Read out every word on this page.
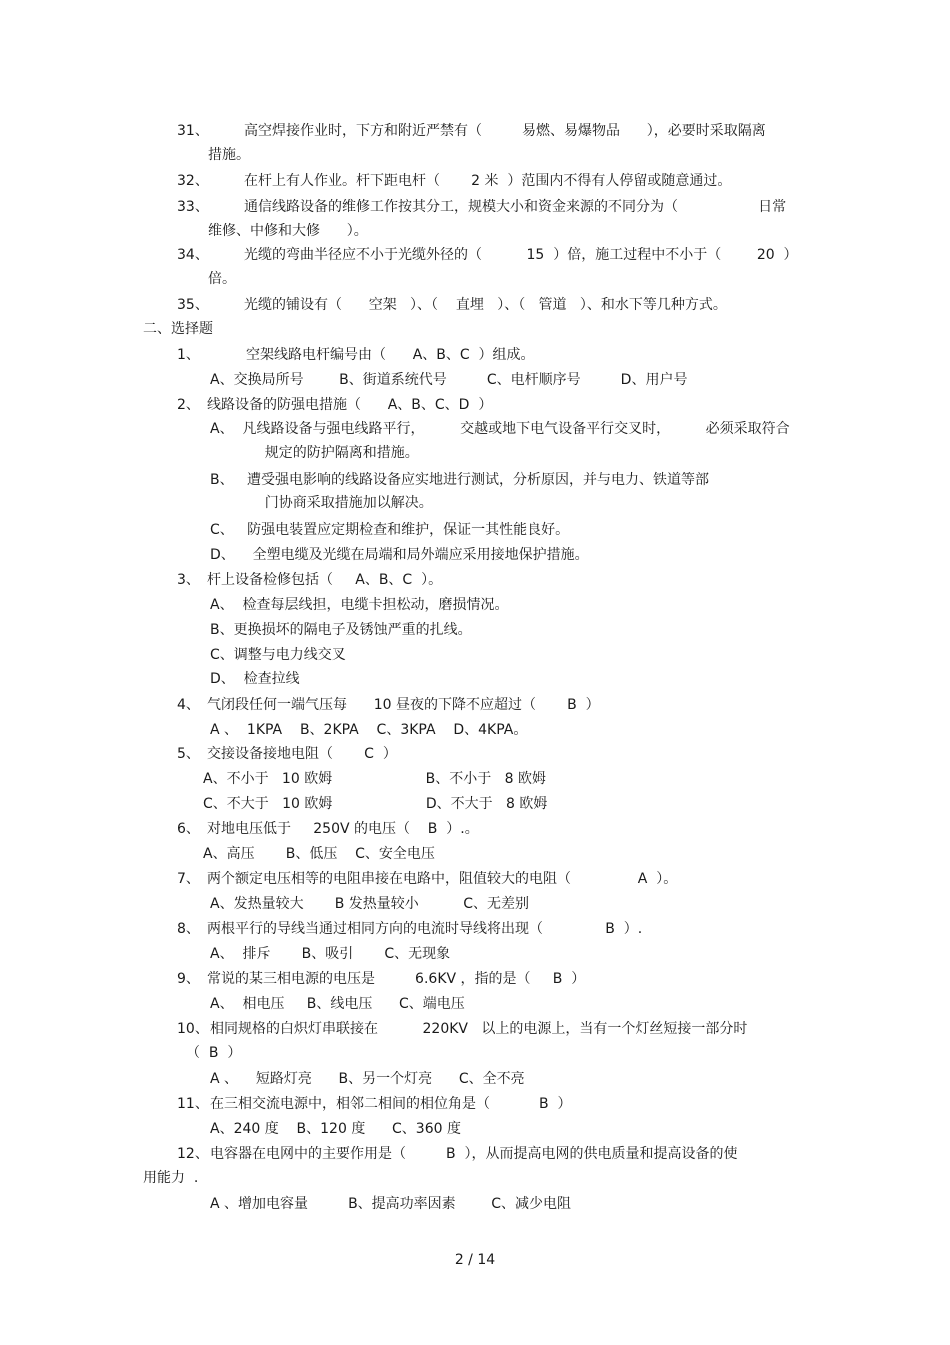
31、	高空焊接作业时，下方和附近严禁有（         易燃、易爆物品      ），必要时采取隔离
措施。
32、	在杆上有人作业。杆下距电杆（       2 米  ）范围内不得有人停留或随意通过。
33、	通信线路设备的维修工作按其分工，规模大小和资金来源的不同分为（                  日常
维修、中修和大修      ）。
34、	光缆的弯曲半径应不小于光缆外径的（          15  ）倍，施工过程中不小于（        20  ）
倍。
35、	光缆的铺设有（      空架   ）、（    直埋   ）、（   管道   ）、和水下等几种方式。
二、选择题
1、	空架线路电杆编号由（      A、B、C  ）组成。
A、交换局所号        B、街道系统代号         C、电杆顺序号         D、用户号
2、 线路设备的防强电措施（      A、B、C、D  ）
A、  凡线路设备与强电线路平行，        交越或地下电气设备平行交叉时，        必须采取符合
规定的防护隔离和措施。
B、   遭受强电影响的线路设备应实地进行测试，分析原因，并与电力、铁道等部
门协商采取措施加以解决。
C、   防强电装置应定期检查和维护，保证一其性能良好。
D、    全塑电缆及光缆在局端和局外端应采用接地保护措施。
3、 杆上设备检修包括（     A、B、C  ）。
A、  检查每层线担，电缆卡担松动，磨损情况。
B、更换损坏的隔电子及锈蚀严重的扎线。
C、调整与电力线交叉
D、  检查拉线
4、 气闭段任何一端气压每      10 昼夜的下降不应超过（       B  ）
A 、  1KPA    B、2KPA    C、3KPA    D、4KPA。
5、 交接设备接地电阻（       C  ）
A、不小于   10 欧姆                     B、不小于   8 欧姆
C、不大于   10 欧姆                     D、不大于   8 欧姆
6、 对地电压低于     250V 的电压（    B  ）.。
A、高压       B、低压    C、安全电压
7、 两个额定电压相等的电阻串接在电路中，阻值较大的电阻（               A  ）。
A、发热量较大       B 发热量较小          C、无差别
8、 两根平行的导线当通过相同方向的电流时导线将出现（              B  ）.
A、  排斥       B、吸引       C、无现象
9、 常说的某三相电源的电压是         6.6KV ，指的是（     B  ）
A、  相电压     B、线电压      C、端电压
10、 相同规格的白炽灯串联接在          220KV   以上的电源上，当有一个灯丝短接一部分时
（  B  ）
A 、    短路灯亮      B、另一个灯亮      C、全不亮
11、 在三相交流电源中，相邻二相间的相位角是（           B  ）
A、240 度    B、120 度      C、360 度
12、 电容器在电网中的主要作用是（         B  ），从而提高电网的供电质量和提高设备的使
用能力  .
A 、增加电容量         B、提高功率因素        C、减少电阻
2 / 14
